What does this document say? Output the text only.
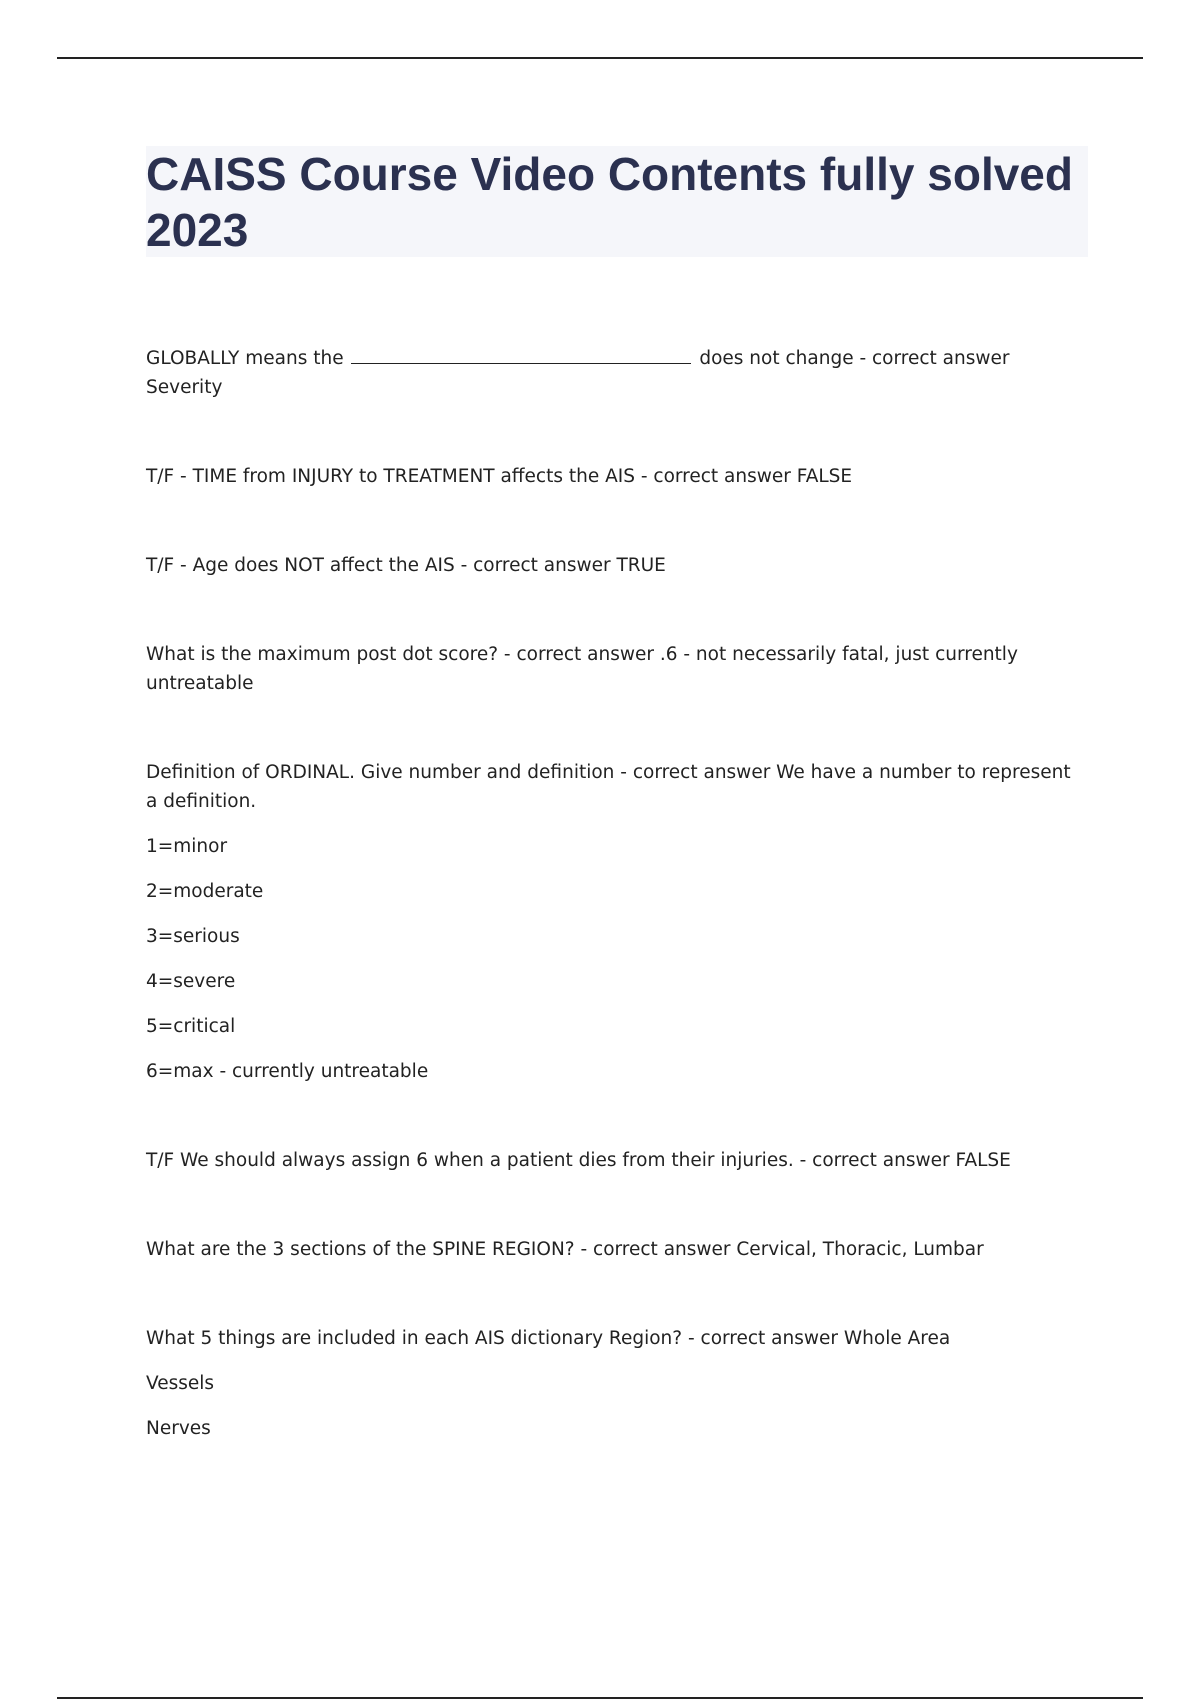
CAISS Course Video Contents fully solved 2023

GLOBALLY means the	does not change - correct answer Severity

T/F - TIME from INJURY to TREATMENT affects the AIS - correct answer FALSE

T/F - Age does NOT affect the AIS - correct answer TRUE

What is the maximum post dot score? - correct answer .6 - not necessarily fatal, just currently untreatable

Definition of ORDINAL. Give number and definition - correct answer We have a number to represent a definition.

1=minor

2=moderate

3=serious

4=severe

5=critical

6=max - currently untreatable

T/F We should always assign 6 when a patient dies from their injuries. - correct answer FALSE

What are the 3 sections of the SPINE REGION? - correct answer Cervical, Thoracic, Lumbar

What 5 things are included in each AIS dictionary Region? - correct answer Whole Area

Vessels

Nerves
